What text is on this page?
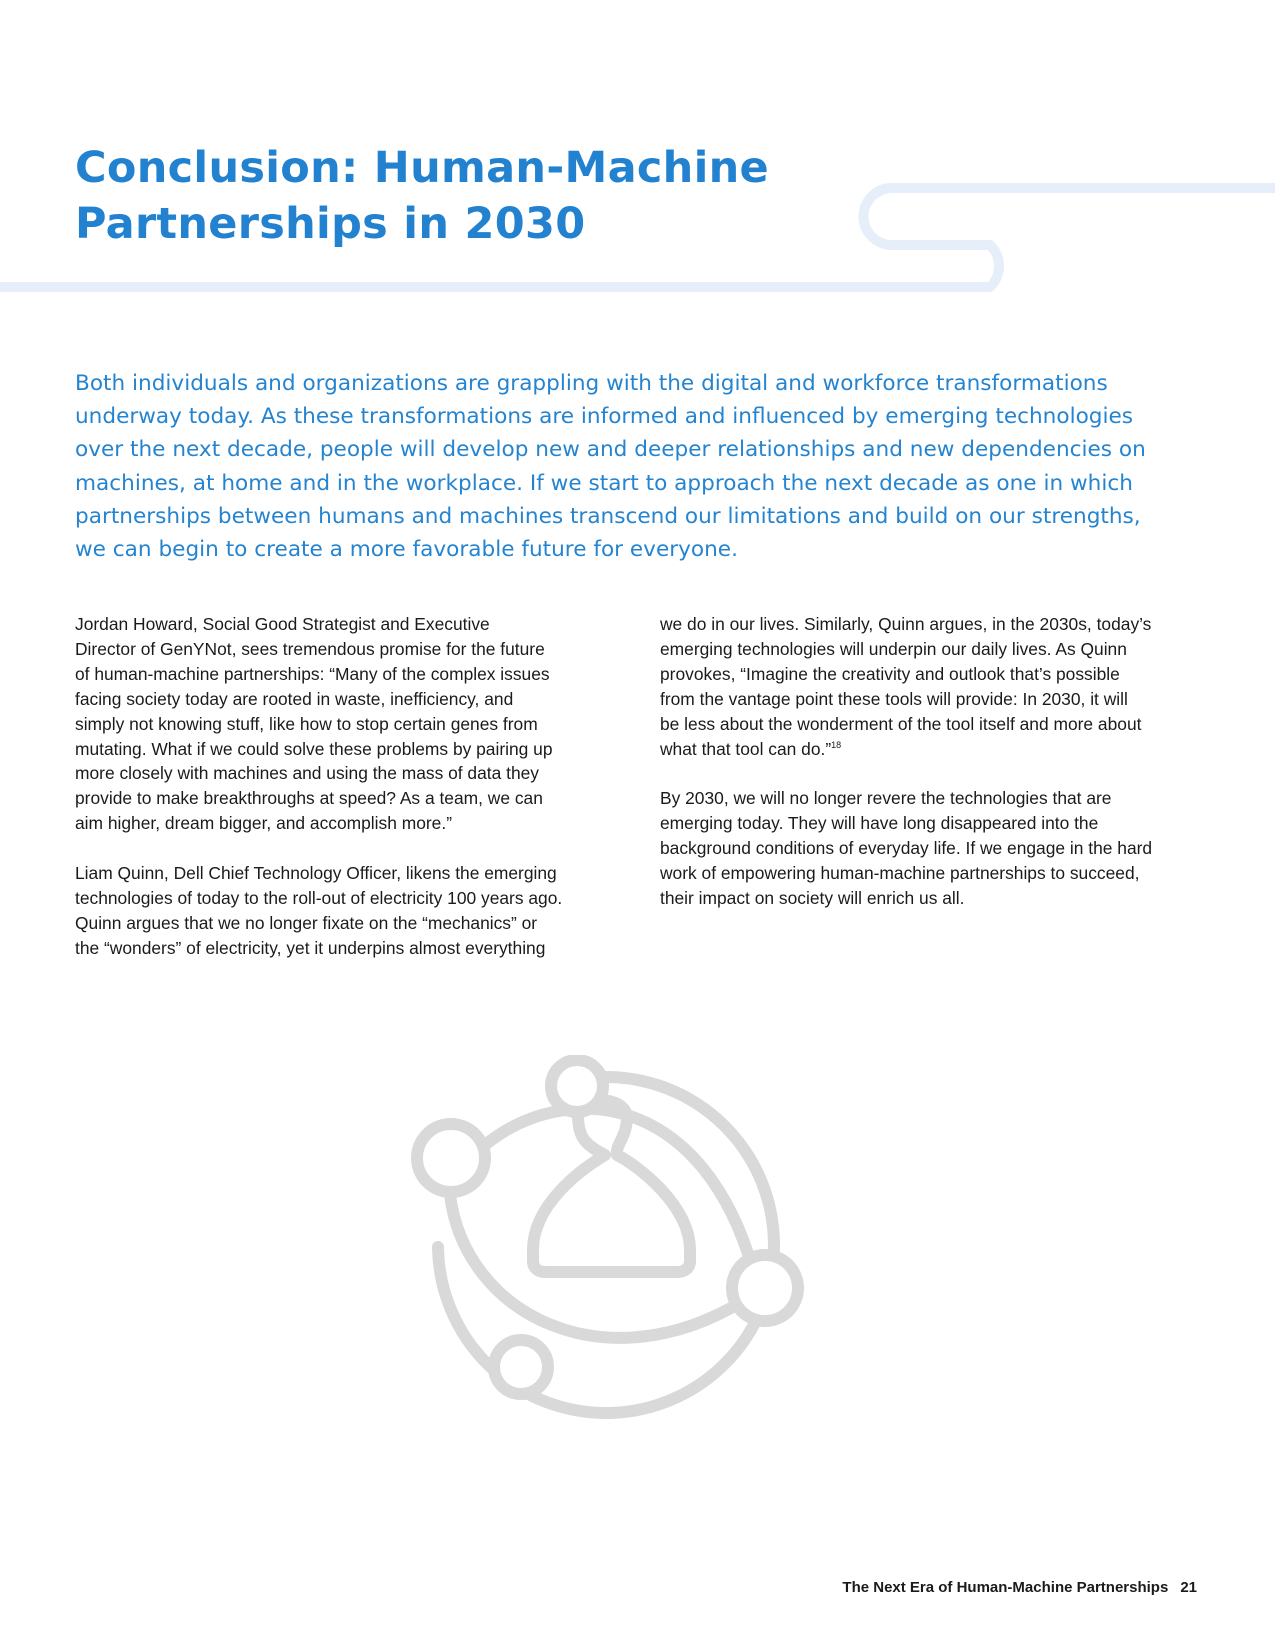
Conclusion: Human-Machine
Partnerships in 2030
Both individuals and organizations are grappling with the digital and workforce transformations
underway today. As these transformations are informed and influenced by emerging technologies
over the next decade, people will develop new and deeper relationships and new dependencies on
machines, at home and in the workplace. If we start to approach the next decade as one in which
partnerships between humans and machines transcend our limitations and build on our strengths,
we can begin to create a more favorable future for everyone.

Jordan Howard, Social Good Strategist and Executive
Director of GenYNot, sees tremendous promise for the future
of human-machine partnerships: “Many of the complex issues
facing society today are rooted in waste, inefficiency, and
simply not knowing stuff, like how to stop certain genes from
mutating. What if we could solve these problems by pairing up
more closely with machines and using the mass of data they
provide to make breakthroughs at speed? As a team, we can
aim higher, dream bigger, and accomplish more.”

Liam Quinn, Dell Chief Technology Officer, likens the emerging
technologies of today to the roll-out of electricity 100 years ago.
Quinn argues that we no longer fixate on the “mechanics” or
the “wonders” of electricity, yet it underpins almost everything

we do in our lives. Similarly, Quinn argues, in the 2030s, today’s
emerging technologies will underpin our daily lives. As Quinn
provokes, “Imagine the creativity and outlook that’s possible
from the vantage point these tools will provide: In 2030, it will
be less about the wonderment of the tool itself and more about
what that tool can do.”$^{18}$

By 2030, we will no longer revere the technologies that are
emerging today. They will have long disappeared into the
background conditions of everyday life. If we engage in the hard
work of empowering human-machine partnerships to succeed,
their impact on society will enrich us all.

The Next Era of Human-Machine Partnerships 21
